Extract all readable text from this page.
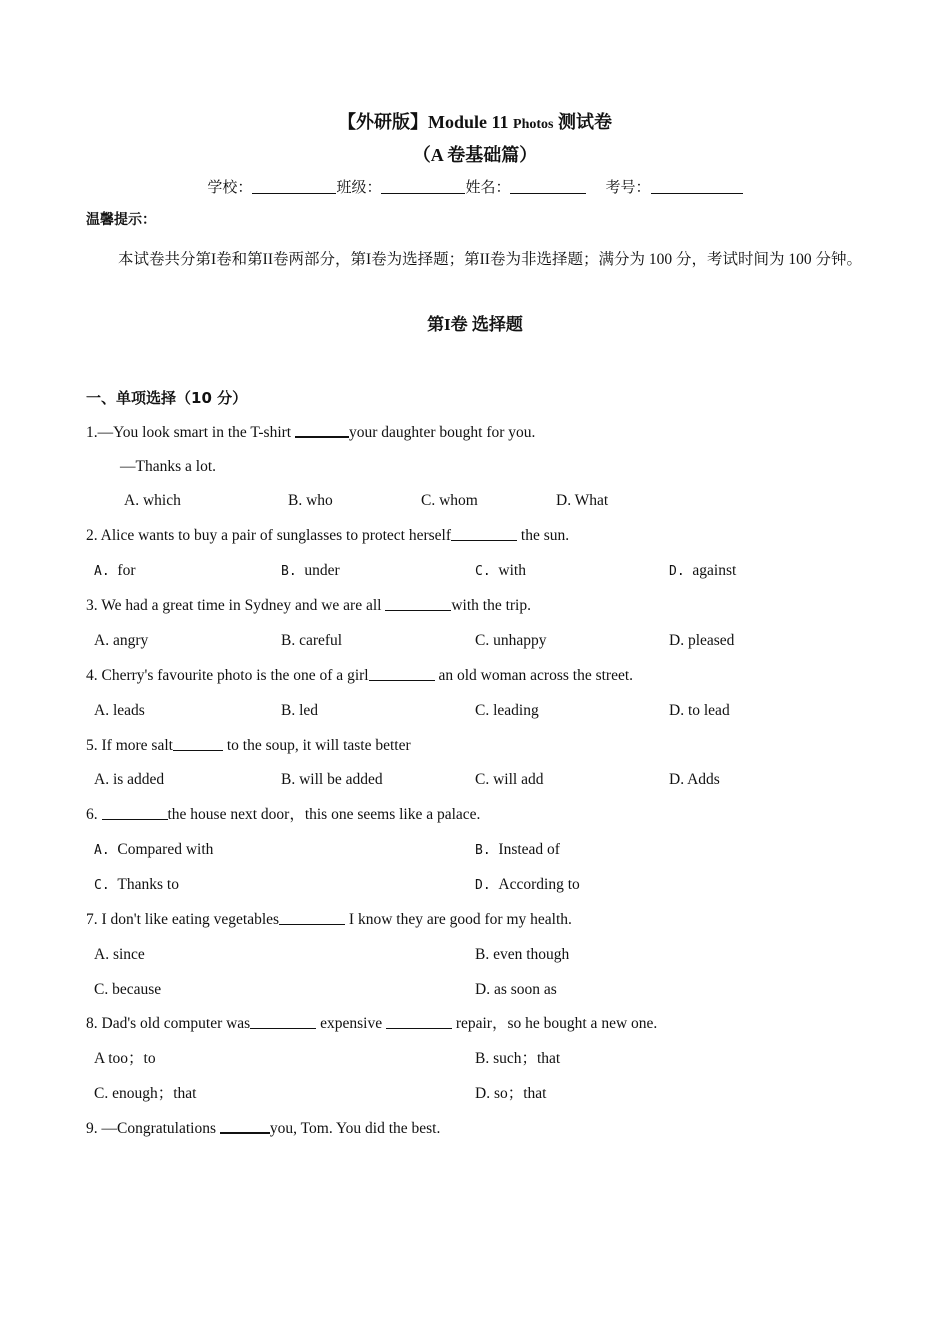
【外研版】Module 11 Photos 测试卷
（A 卷基础篇）
学校：	班级：	姓名：	考号：
温馨提示：
本试卷共分第I卷和第II卷两部分，第I卷为选择题；第II卷为非选择题；满分为 100 分，考试时间为 100 分钟。
第I卷 选择题
一、单项选择（10 分）
1.—You look smart in the T-shirt	your daughter bought for you.
—Thanks a lot.
A. which	B. who	C. whom	D. What
2. Alice wants to buy a pair of sunglasses to protect herself	the sun.
A. for	B. under	C. with	D. against
3. We had a great time in Sydney and we are all	with the trip.
A. angry	B. careful	C. unhappy	D. pleased
4. Cherry's favourite photo is the one of a girl	an old woman across the street.
A. leads	B. led	C. leading	D. to lead
5. If more salt	to the soup, it will taste better
A. is added	B. will be added	C. will add	D. Adds
6.	the house next door，this one seems like a palace.
A. Compared with	B. Instead of
C. Thanks to	D. According to
7. I don't like eating vegetables	I know they are good for my health.
A. since	B. even though
C. because	D. as soon as
8. Dad's old computer was	expensive	repair，so he bought a new one.
A too；to	B. such；that
C. enough；that	D. so；that
9. —Congratulations	you, Tom. You did the best.
